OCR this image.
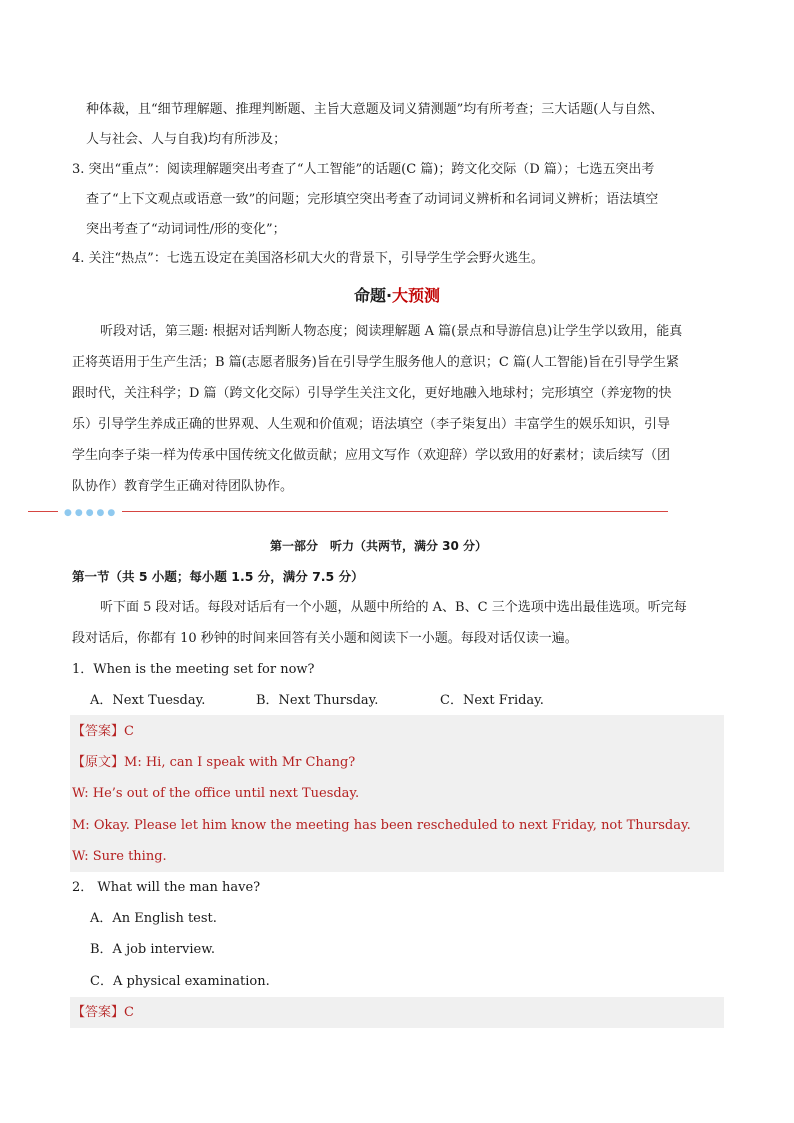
种体裁，且“细节理解题、推理判断题、主旨大意题及词义猜测题”均有所考查；三大话题(人与自然、
人与社会、人与自我)均有所涉及；
3. 突出“重点”：阅读理解题突出考查了“人工智能”的话题(C 篇)；跨文化交际（D 篇）；七选五突出考
查了“上下文观点或语意一致”的问题；完形填空突出考查了动词词义辨析和名词词义辨析；语法填空
突出考查了“动词词性/形的变化”；
4. 关注“热点”：七选五设定在美国洛杉矶大火的背景下，引导学生学会野火逃生。
命题·大预测
听段对话，第三题: 根据对话判断人物态度；阅读理解题 A 篇(景点和导游信息)让学生学以致用，能真
正将英语用于生产生活；B 篇(志愿者服务)旨在引导学生服务他人的意识；C 篇(人工智能)旨在引导学生紧
跟时代，关注科学；D 篇（跨文化交际）引导学生关注文化，更好地融入地球村；完形填空（养宠物的快
乐）引导学生养成正确的世界观、人生观和价值观；语法填空（李子柒复出）丰富学生的娱乐知识，引导
学生向李子柒一样为传承中国传统文化做贡献；应用文写作（欢迎辞）学以致用的好素材；读后续写（团
队协作）教育学生正确对待团队协作。
●●●●●
第一部分　听力（共两节，满分 30 分）
第一节（共 5 小题；每小题 1.5 分，满分 7.5 分）
听下面 5 段对话。每段对话后有一个小题，从题中所给的 A、B、C 三个选项中选出最佳选项。听完每
段对话后，你都有 10 秒钟的时间来回答有关小题和阅读下一小题。每段对话仅读一遍。
1．When is the meeting set for now?
A．Next Tuesday.	B．Next Thursday.	C．Next Friday.
【答案】C
【原文】M: Hi, can I speak with Mr Chang?
W: He’s out of the office until next Tuesday.
M: Okay. Please let him know the meeting has been rescheduled to next Friday, not Thursday.
W: Sure thing.
2． What will the man have?
A．An English test.
B．A job interview.
C．A physical examination.
【答案】C
